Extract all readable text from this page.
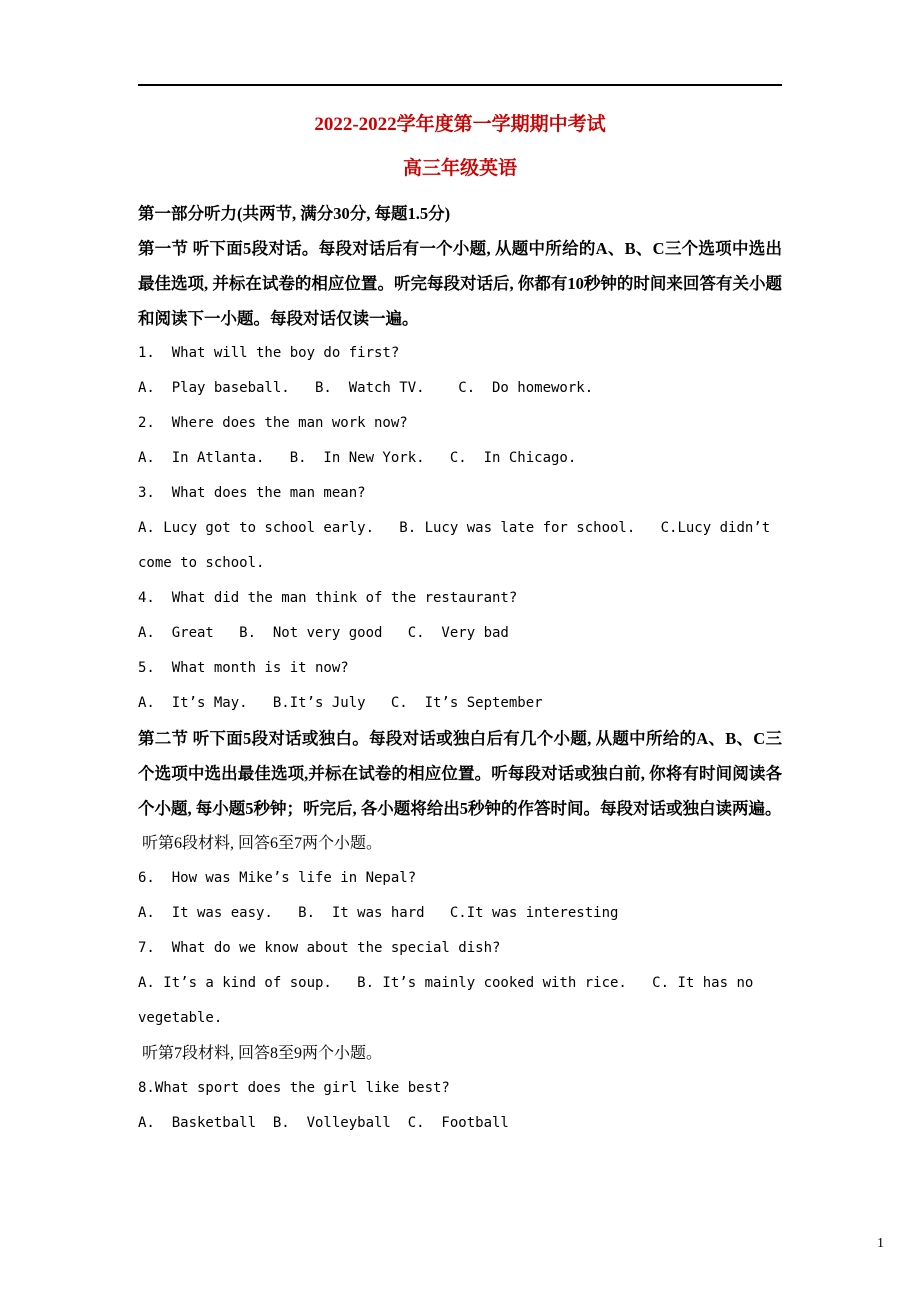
2022-2022学年度第一学期期中考试
高三年级英语

第一部分听力(共两节, 满分30分, 每题1.5分)

第一节 听下面5段对话。每段对话后有一个小题, 从题中所给的A、B、C三个选项中选出最佳选项, 并标在试卷的相应位置。听完每段对话后, 你都有10秒钟的时间来回答有关小题和阅读下一小题。每段对话仅读一遍。

1.  What will the boy do first?

A.  Play baseball.   B.  Watch TV.    C.  Do homework.

2.  Where does the man work now?

A.  In Atlanta.   B.  In New York.   C.  In Chicago.

3.  What does the man mean?

A. Lucy got to school early.   B. Lucy was late for school.   C.Lucy didn’t come to school.

4.  What did the man think of the restaurant?

A.  Great   B.  Not very good   C.  Very bad

5.  What month is it now?

A.  It’s May.   B.It’s July   C.  It’s September

第二节 听下面5段对话或独白。每段对话或独白后有几个小题, 从题中所给的A、B、C三个选项中选出最佳选项,并标在试卷的相应位置。听每段对话或独白前, 你将有时间阅读各个小题, 每小题5秒钟；听完后, 各小题将给出5秒钟的作答时间。每段对话或独白读两遍。

听第6段材料, 回答6至7两个小题。

6.  How was Mike’s life in Nepal?

A.  It was easy.   B.  It was hard   C.It was interesting

7.  What do we know about the special dish?

A. It’s a kind of soup.   B. It’s mainly cooked with rice.   C. It has no vegetable.

听第7段材料, 回答8至9两个小题。

8.What sport does the girl like best?

A.  Basketball  B.  Volleyball  C.  Football

1
